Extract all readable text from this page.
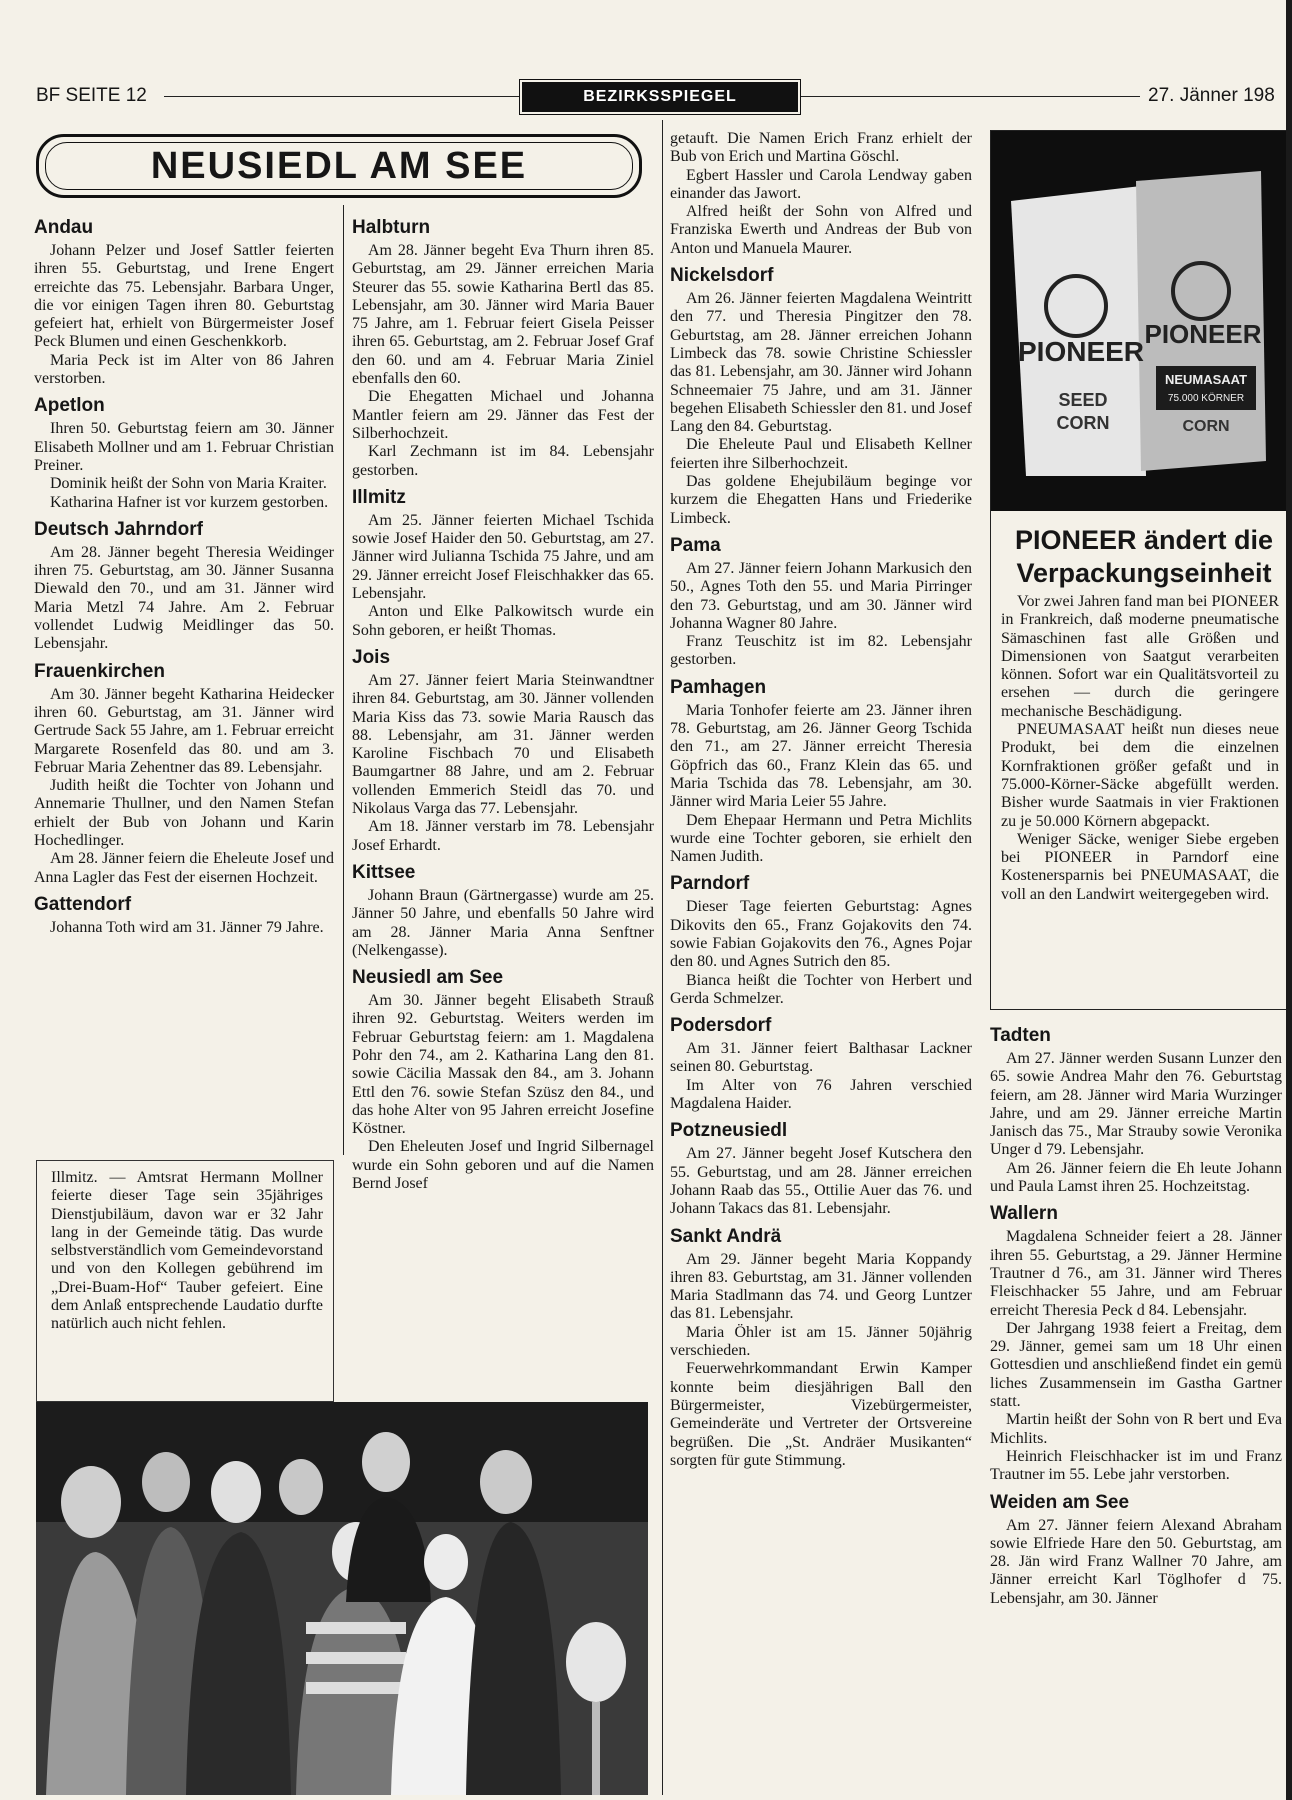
BF SEITE 12	BEZIRKSSPIEGEL	27. Jänner 198
NEUSIEDL AM SEE
Andau

Johann Pelzer und Josef Sattler feierten ihren 55. Geburtstag, und Irene Engert erreichte das 75. Lebensjahr. Barbara Unger, die vor einigen Tagen ihren 80. Geburtstag gefeiert hat, erhielt von Bürgermeister Josef Peck Blumen und einen Geschenkkorb.

Maria Peck ist im Alter von 86 Jahren verstorben.

Apetlon

Ihren 50. Geburtstag feiern am 30. Jänner Elisabeth Mollner und am 1. Februar Christian Preiner.

Dominik heißt der Sohn von Maria Kraiter.

Katharina Hafner ist vor kurzem gestorben.

Deutsch Jahrndorf

Am 28. Jänner begeht Theresia Weidinger ihren 75. Geburtstag, am 30. Jänner Susanna Diewald den 70., und am 31. Jänner wird Maria Metzl 74 Jahre. Am 2. Februar vollendet Ludwig Meidlinger das 50. Lebensjahr.

Frauenkirchen

Am 30. Jänner begeht Katharina Heidecker ihren 60. Geburtstag, am 31. Jänner wird Gertrude Sack 55 Jahre, am 1. Februar erreicht Margarete Rosenfeld das 80. und am 3. Februar Maria Zehentner das 89. Lebensjahr.

Judith heißt die Tochter von Johann und Annemarie Thullner, und den Namen Stefan erhielt der Bub von Johann und Karin Hochedlinger.

Am 28. Jänner feiern die Eheleute Josef und Anna Lagler das Fest der eisernen Hochzeit.

Gattendorf

Johanna Toth wird am 31. Jänner 79 Jahre.

Halbturn

Am 28. Jänner begeht Eva Thurn ihren 85. Geburtstag, am 29. Jänner erreichen Maria Steurer das 55. sowie Katharina Bertl das 85. Lebensjahr, am 30. Jänner wird Maria Bauer 75 Jahre, am 1. Februar feiert Gisela Peisser ihren 65. Geburtstag, am 2. Februar Josef Graf den 60. und am 4. Februar Maria Ziniel ebenfalls den 60.

Die Ehegatten Michael und Johanna Mantler feiern am 29. Jänner das Fest der Silberhochzeit.

Karl Zechmann ist im 84. Lebensjahr gestorben.

Illmitz

Am 25. Jänner feierten Michael Tschida sowie Josef Haider den 50. Geburtstag, am 27. Jänner wird Julianna Tschida 75 Jahre, und am 29. Jänner erreicht Josef Fleischhakker das 65. Lebensjahr.

Anton und Elke Palkowitsch wurde ein Sohn geboren, er heißt Thomas.

Jois

Am 27. Jänner feiert Maria Steinwandtner ihren 84. Geburtstag, am 30. Jänner vollenden Maria Kiss das 73. sowie Maria Rausch das 88. Lebensjahr, am 31. Jänner werden Karoline Fischbach 70 und Elisabeth Baumgartner 88 Jahre, und am 2. Februar vollenden Emmerich Steidl das 70. und Nikolaus Varga das 77. Lebensjahr.

Am 18. Jänner verstarb im 78. Lebensjahr Josef Erhardt.

Kittsee

Johann Braun (Gärtnergasse) wurde am 25. Jänner 50 Jahre, und ebenfalls 50 Jahre wird am 28. Jänner Maria Anna Senftner (Nelkengasse).

Neusiedl am See

Am 30. Jänner begeht Elisabeth Strauß ihren 92. Geburtstag. Weiters werden im Februar Geburtstag feiern: am 1. Magdalena Pohr den 74., am 2. Katharina Lang den 81. sowie Cäcilia Massak den 84., am 3. Johann Ettl den 76. sowie Stefan Szüsz den 84., und das hohe Alter von 95 Jahren erreicht Josefine Köstner.

Den Eheleuten Josef und Ingrid Silbernagel wurde ein Sohn geboren und auf die Namen Bernd Josef

getauft. Die Namen Erich Franz erhielt der Bub von Erich und Martina Göschl.

Egbert Hassler und Carola Lendway gaben einander das Jawort.

Alfred heißt der Sohn von Alfred und Franziska Ewerth und Andreas der Bub von Anton und Manuela Maurer.

Nickelsdorf

Am 26. Jänner feierten Magdalena Weintritt den 77. und Theresia Pingitzer den 78. Geburtstag, am 28. Jänner erreichen Johann Limbeck das 78. sowie Christine Schiessler das 81. Lebensjahr, am 30. Jänner wird Johann Schneemaier 75 Jahre, und am 31. Jänner begehen Elisabeth Schiessler den 81. und Josef Lang den 84. Geburtstag.

Die Eheleute Paul und Elisabeth Kellner feierten ihre Silberhochzeit.

Das goldene Ehejubiläum beginge vor kurzem die Ehegatten Hans und Friederike Limbeck.

Pama

Am 27. Jänner feiern Johann Markusich den 50., Agnes Toth den 55. und Maria Pirringer den 73. Geburtstag, und am 30. Jänner wird Johanna Wagner 80 Jahre.

Franz Teuschitz ist im 82. Lebensjahr gestorben.

Pamhagen

Maria Tonhofer feierte am 23. Jänner ihren 78. Geburtstag, am 26. Jänner Georg Tschida den 71., am 27. Jänner erreicht Theresia Göpfrich das 60., Franz Klein das 65. und Maria Tschida das 78. Lebensjahr, am 30. Jänner wird Maria Leier 55 Jahre.

Dem Ehepaar Hermann und Petra Michlits wurde eine Tochter geboren, sie erhielt den Namen Judith.

Parndorf

Dieser Tage feierten Geburtstag: Agnes Dikovits den 65., Franz Gojakovits den 74. sowie Fabian Gojakovits den 76., Agnes Pojar den 80. und Agnes Sutrich den 85.

Bianca heißt die Tochter von Herbert und Gerda Schmelzer.

Podersdorf

Am 31. Jänner feiert Balthasar Lackner seinen 80. Geburtstag.

Im Alter von 76 Jahren verschied Magdalena Haider.

Potzneusiedl

Am 27. Jänner begeht Josef Kutschera den 55. Geburtstag, und am 28. Jänner erreichen Johann Raab das 55., Ottilie Auer das 76. und Johann Takacs das 81. Lebensjahr.

Sankt Andrä

Am 29. Jänner begeht Maria Koppandy ihren 83. Geburtstag, am 31. Jänner vollenden Maria Stadlmann das 74. und Georg Luntzer das 81. Lebensjahr.

Maria Öhler ist am 15. Jänner 50jährig verschieden.

Feuerwehrkommandant Erwin Kamper konnte beim diesjährigen Ball den Bürgermeister, Vizebürgermeister, Gemeinderäte und Vertreter der Ortsvereine begrüßen. Die „St. Andräer Musikanten“ sorgten für gute Stimmung.

Illmitz. — Amtsrat Hermann Mollner feierte dieser Tage sein 35jähriges Dienstjubiläum, davon war er 32 Jahr lang in der Gemeinde tätig. Das wurde selbstverständlich vom Gemeindevorstand und von den Kollegen gebührend im „Drei-Buam-Hof“ Tauber gefeiert. Eine dem Anlaß entsprechende Laudatio durfte natürlich auch nicht fehlen.
PIONEER
SEED
CORN
PIONEER
NEUMASAAT
75.000 KÖRNER
CORN
PIONEER ändert die Verpackungseinheit

Vor zwei Jahren fand man bei PIONEER in Frankreich, daß moderne pneumatische Sämaschinen fast alle Größen und Dimensionen von Saatgut verarbeiten können. Sofort war ein Qualitätsvorteil zu ersehen — durch die geringere mechanische Beschädigung.

PNEUMASAAT heißt nun dieses neue Produkt, bei dem die einzelnen Kornfraktionen größer gefaßt und in 75.000-Körner-Säcke abgefüllt werden. Bisher wurde Saatmais in vier Fraktionen zu je 50.000 Körnern abgepackt.

Weniger Säcke, weniger Siebe ergeben bei PIONEER in Parndorf eine Kostenersparnis bei PNEUMASAAT, die voll an den Landwirt weitergegeben wird.

Tadten

Am 27. Jänner werden Susann Lunzer den 65. sowie Andrea Mahr den 76. Geburtstag feiern, am 28. Jänner wird Maria Wurzinger Jahre, und am 29. Jänner erreiche Martin Janisch das 75., Mar Strauby sowie Veronika Unger d 79. Lebensjahr.

Am 26. Jänner feiern die Eh leute Johann und Paula Lamst ihren 25. Hochzeitstag.

Wallern

Magdalena Schneider feiert a 28. Jänner ihren 55. Geburtstag, a 29. Jänner Hermine Trautner d 76., am 31. Jänner wird Theres Fleischhacker 55 Jahre, und am Februar erreicht Theresia Peck d 84. Lebensjahr.

Der Jahrgang 1938 feiert a Freitag, dem 29. Jänner, gemei sam um 18 Uhr einen Gottesdien und anschließend findet ein gemü liches Zusammensein im Gastha Gartner statt.

Martin heißt der Sohn von R bert und Eva Michlits.

Heinrich Fleischhacker ist im und Franz Trautner im 55. Lebe jahr verstorben.

Weiden am See

Am 27. Jänner feiern Alexand Abraham sowie Elfriede Hare den 50. Geburtstag, am 28. Jän wird Franz Wallner 70 Jahre, am Jänner erreicht Karl Töglhofer d 75. Lebensjahr, am 30. Jänner
